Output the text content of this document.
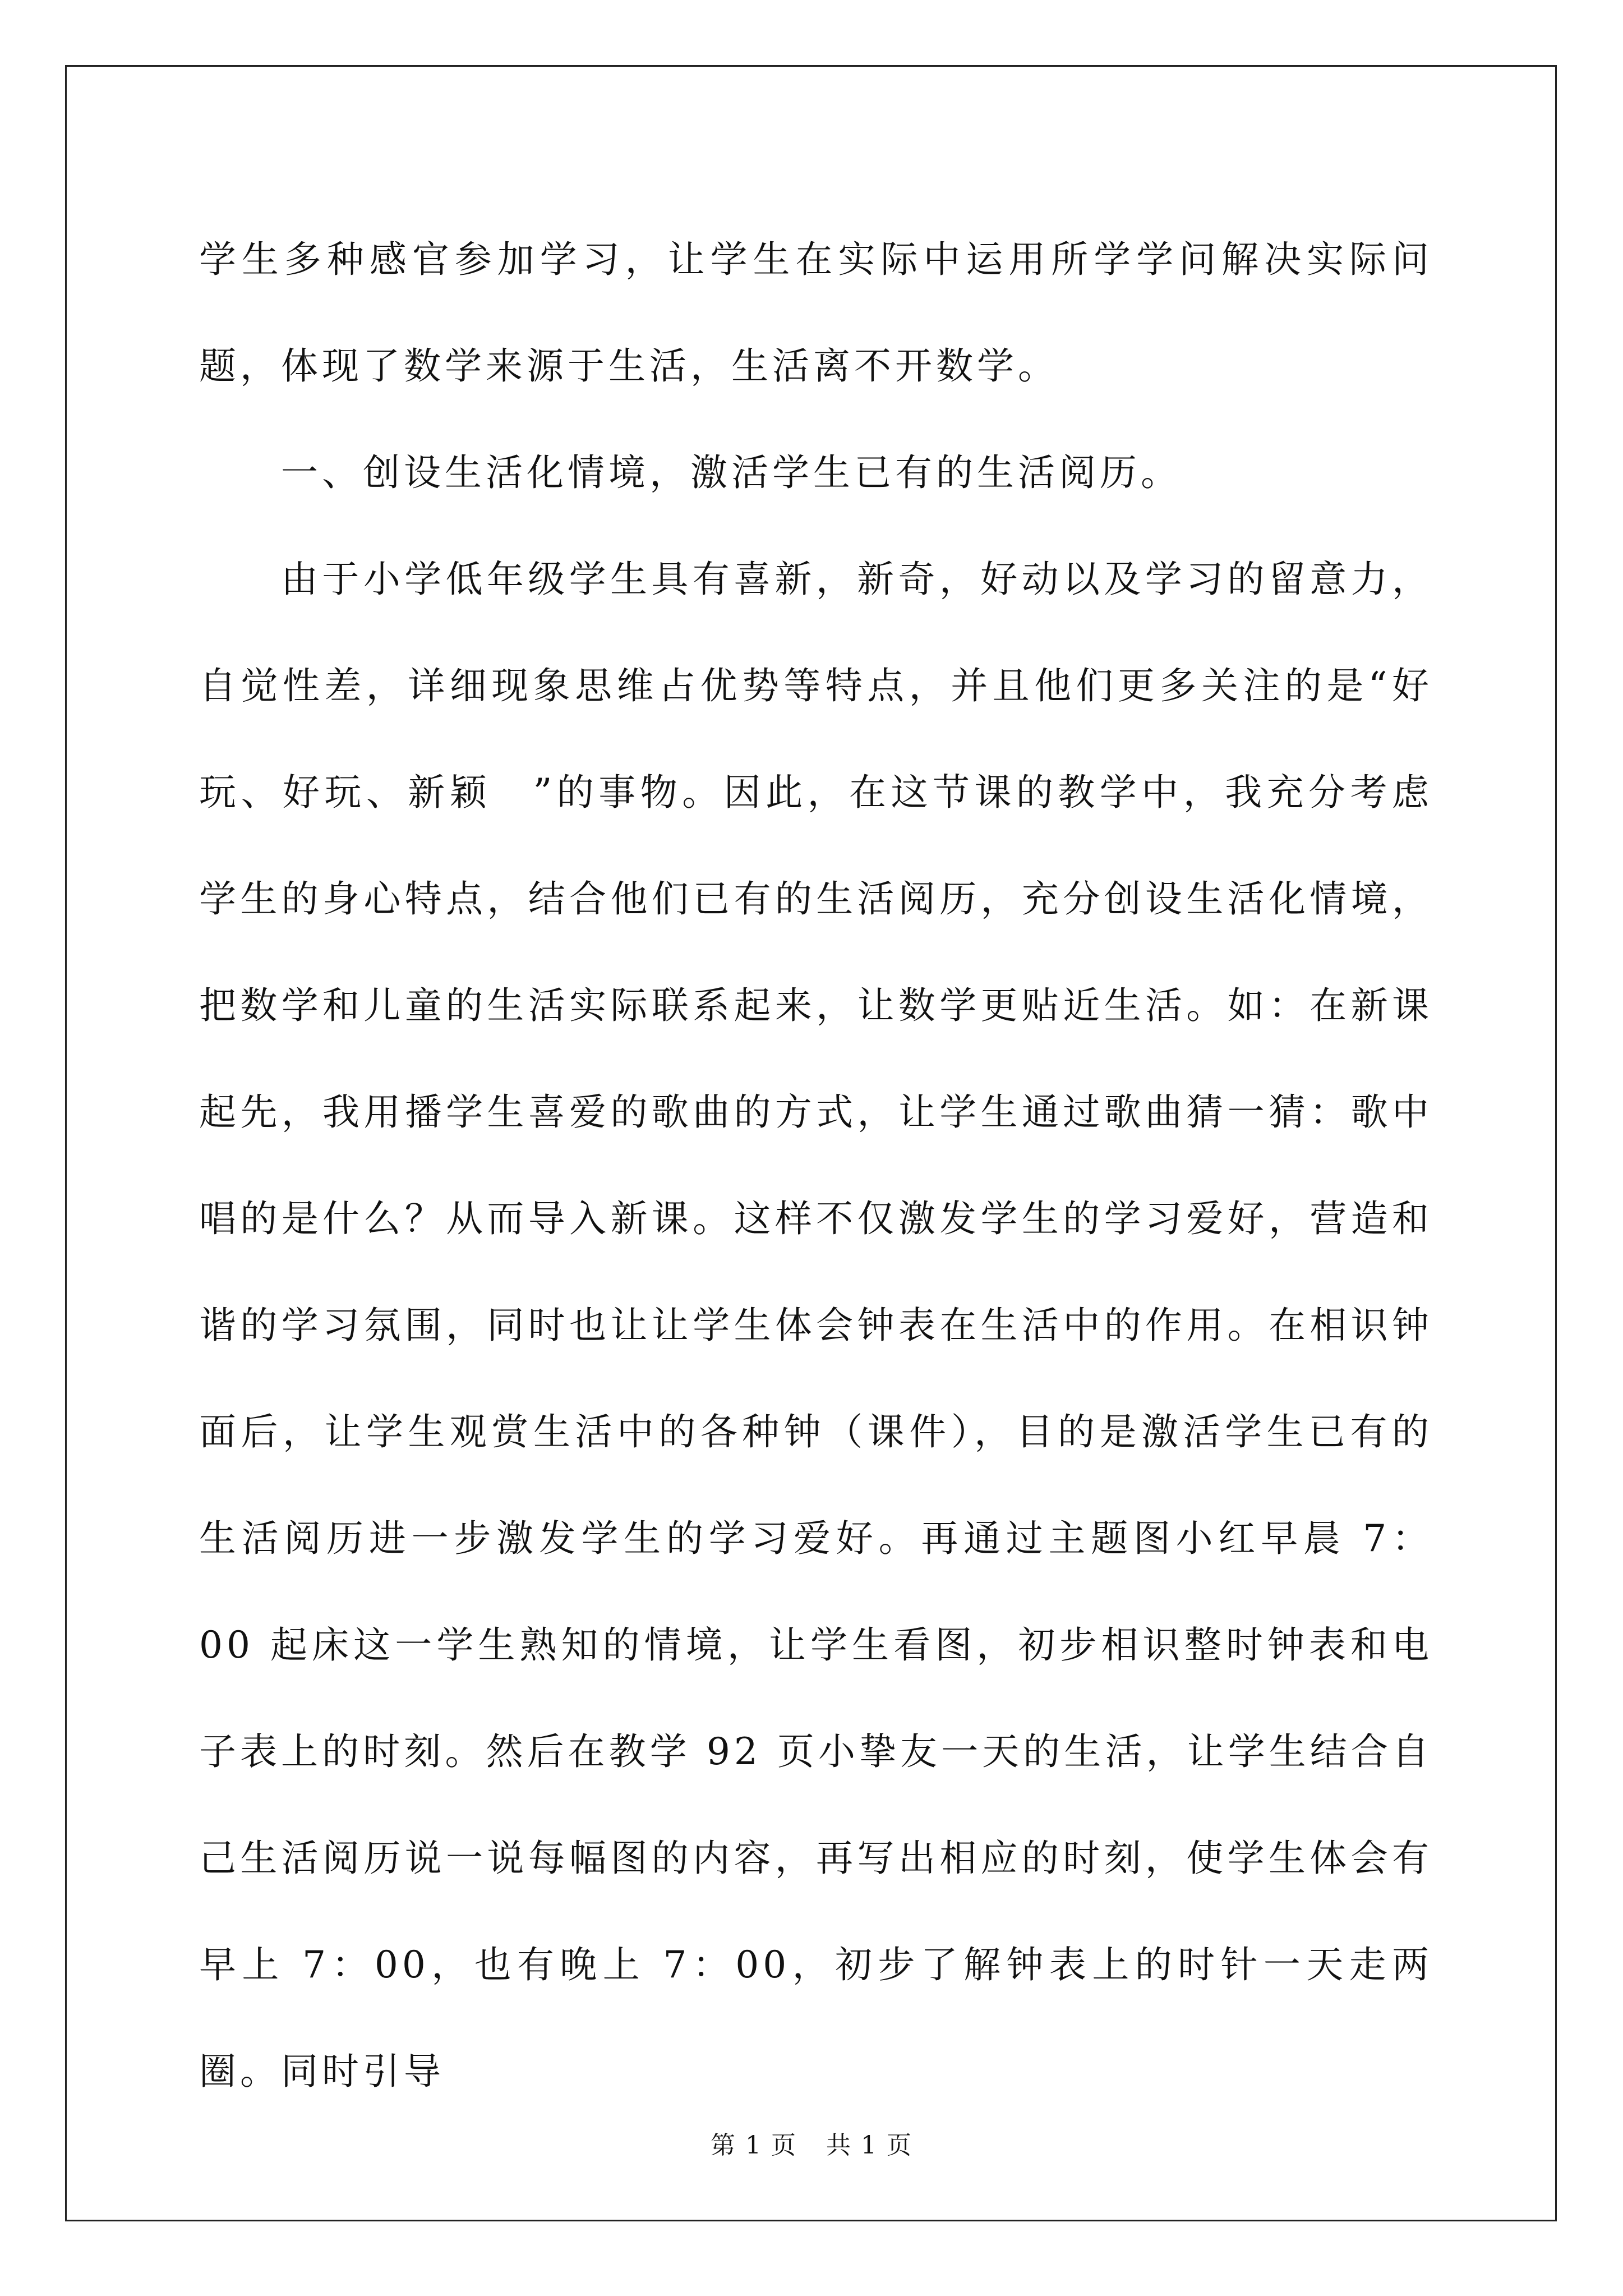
学生多种感官参加学习，让学生在实际中运用所学学问解决实际问题，体现了数学来源于生活，生活离不开数学。

一、创设生活化情境，激活学生已有的生活阅历。

由于小学低年级学生具有喜新，新奇，好动以及学习的留意力，自觉性差，详细现象思维占优势等特点，并且他们更多关注的是“好玩、好玩、新颖　”的事物。因此，在这节课的教学中，我充分考虑学生的身心特点，结合他们已有的生活阅历，充分创设生活化情境，把数学和儿童的生活实际联系起来，让数学更贴近生活。如：在新课起先，我用播学生喜爱的歌曲的方式，让学生通过歌曲猜一猜：歌中唱的是什么？从而导入新课。这样不仅激发学生的学习爱好，营造和谐的学习氛围，同时也让让学生体会钟表在生活中的作用。在相识钟面后，让学生观赏生活中的各种钟（课件），目的是激活学生已有的生活阅历进一步激发学生的学习爱好。再通过主题图小红早晨 7：00 起床这一学生熟知的情境，让学生看图，初步相识整时钟表和电子表上的时刻。然后在教学 92 页小挚友一天的生活，让学生结合自己生活阅历说一说每幅图的内容，再写出相应的时刻，使学生体会有早上 7：00，也有晚上 7：00，初步了解钟表上的时针一天走两圈。同时引导

第 1 页 共 1 页
